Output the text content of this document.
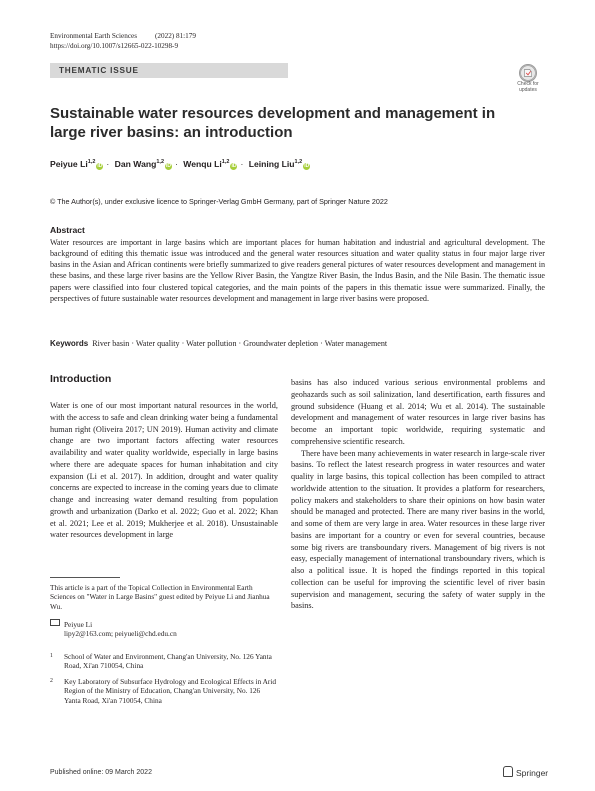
Environmental Earth Sciences	(2022) 81:179
https://doi.org/10.1007/s12665-022-10298-9
THEMATIC ISSUE
Check for
updates
Sustainable water resources development and management in large river basins: an introduction
Peiyue Li$^{1,2}$iD · Dan Wang$^{1,2}$iD · Wenqu Li$^{1,2}$iD · Leining Liu$^{1,2}$iD
© The Author(s), under exclusive licence to Springer-Verlag GmbH Germany, part of Springer Nature 2022
Abstract

Water resources are important in large basins which are important places for human habitation and industrial and agricultural development. The background of editing this thematic issue was introduced and the general water resources situation and water quality status in four major large river basins in the Asian and African continents were briefly summarized to give readers general pictures of water resources development and management in these basins, and these large river basins are the Yellow River Basin, the Yangtze River Basin, the Indus Basin, and the Nile Basin. The thematic issue papers were classified into four clustered topical categories, and the main points of the papers in this thematic issue were summarized. Finally, the perspectives of future sustainable water resources development and management in large river basins were proposed.

Keywords River basin · Water quality · Water pollution · Groundwater depletion · Water management
Introduction

Water is one of our most important natural resources in the world, with the access to safe and clean drinking water being a fundamental human right (Oliveira 2017; UN 2019). Human activity and climate change are two important factors affecting water resources availability and water quality worldwide, especially in large basins where there are adequate spaces for human inhabitation and city expansion (Li et al. 2017). In addition, drought and water quality concerns are expected to increase in the coming years due to climate change and increasing water demand resulting from population growth and urbanization (Darko et al. 2022; Guo et al. 2022; Khan et al. 2021; Lee et al. 2019; Mukherjee et al. 2018). Unsustainable water resources development in large

basins has also induced various serious environmental problems and geohazards such as soil salinization, land desertification, earth fissures and ground subsidence (Huang et al. 2014; Wu et al. 2014). The sustainable development and management of water resources in large river basins has become an important topic worldwide, requiring systematic and comprehensive scientific research.

There have been many achievements in water research in large-scale river basins. To reflect the latest research progress in water resources and water quality in large basins, this topical collection has been compiled to attract worldwide attention to the situation. It provides a platform for researchers, policy makers and stakeholders to share their opinions on how basin water should be managed and protected. There are many river basins in the world, and some of them are very large in area. Water resources in these large river basins are important for a country or even for several countries, because some big rivers are transboundary rivers. Management of big rivers is not easy, especially management of international transboundary rivers, which is also a political issue. It is hoped the findings reported in this topical collection can be useful for improving the scientific level of river basin supervision and management, securing the safety of water supply in the basins.

This article is a part of the Topical Collection in Environmental Earth Sciences on "Water in Large Basins" guest edited by Peiyue Li and Jianhua Wu.

Peiyue Li
lipy2@163.com; peiyueli@chd.edu.cn
1	School of Water and Environment, Chang'an University, No. 126 Yanta Road, Xi'an 710054, China
2	Key Laboratory of Subsurface Hydrology and Ecological Effects in Arid Region of the Ministry of Education, Chang'an University, No. 126 Yanta Road, Xi'an 710054, China
Published online: 09 March 2022	Springer
